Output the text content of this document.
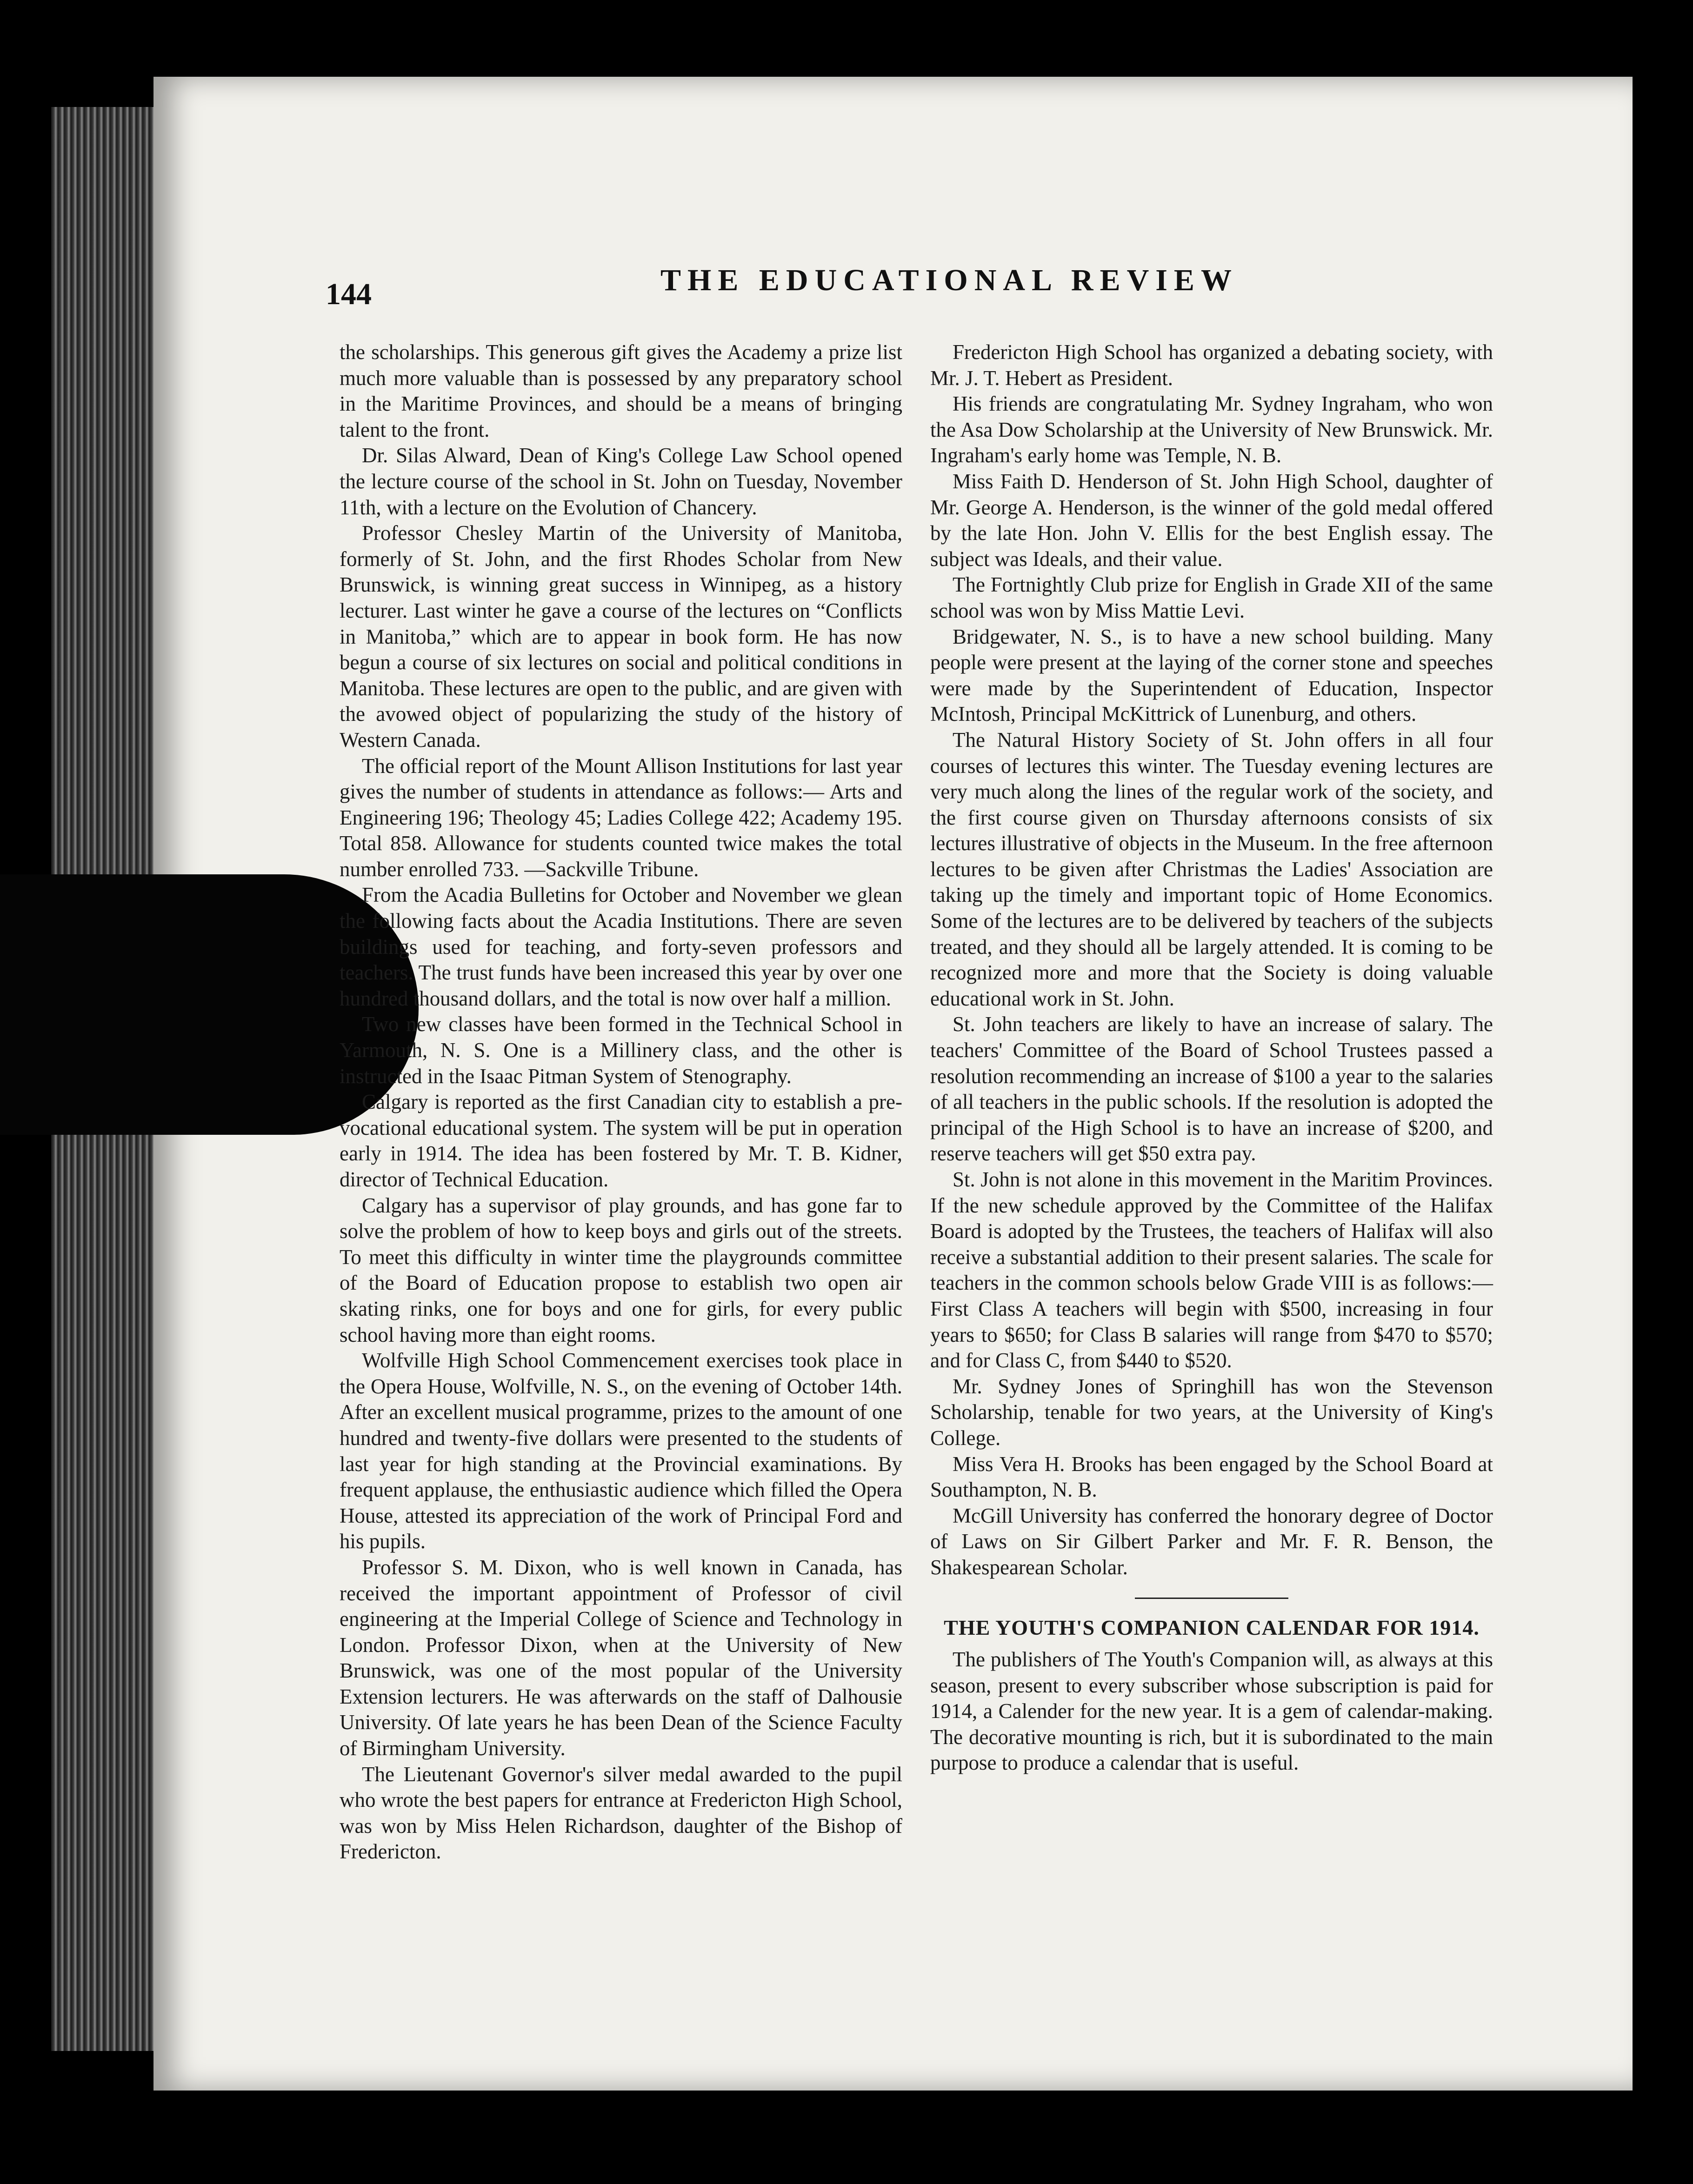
144	THE EDUCATIONAL REVIEW

the scholarships. This generous gift gives the Academy a prize list much more valuable than is possessed by any preparatory school in the Maritime Provinces, and should be a means of bringing talent to the front.

Dr. Silas Alward, Dean of King's College Law School opened the lecture course of the school in St. John on Tuesday, November 11th, with a lecture on the Evolution of Chancery.

Professor Chesley Martin of the University of Manitoba, formerly of St. John, and the first Rhodes Scholar from New Brunswick, is winning great success in Winnipeg, as a history lecturer. Last winter he gave a course of the lectures on “Conflicts in Manitoba,” which are to appear in book form. He has now begun a course of six lectures on social and political conditions in Manitoba. These lectures are open to the public, and are given with the avowed object of popularizing the study of the history of Western Canada.

The official report of the Mount Allison Institutions for last year gives the number of students in attendance as follows:— Arts and Engineering 196; Theology 45; Ladies College 422; Academy 195. Total 858. Allowance for students counted twice makes the total number enrolled 733. —Sackville Tribune.

From the Acadia Bulletins for October and November we glean the following facts about the Acadia Institutions. There are seven buildings used for teaching, and forty-seven professors and teachers. The trust funds have been increased this year by over one hundred thousand dollars, and the total is now over half a million.

Two new classes have been formed in the Technical School in Yarmouth, N. S. One is a Millinery class, and the other is instructed in the Isaac Pitman System of Stenography.

Calgary is reported as the first Canadian city to establish a pre-vocational educational system. The system will be put in operation early in 1914. The idea has been fostered by Mr. T. B. Kidner, director of Technical Education.

Calgary has a supervisor of play grounds, and has gone far to solve the problem of how to keep boys and girls out of the streets. To meet this difficulty in winter time the playgrounds committee of the Board of Education propose to establish two open air skating rinks, one for boys and one for girls, for every public school having more than eight rooms.

Wolfville High School Commencement exercises took place in the Opera House, Wolfville, N. S., on the evening of October 14th. After an excellent musical programme, prizes to the amount of one hundred and twenty-five dollars were presented to the students of last year for high standing at the Provincial examinations. By frequent applause, the enthusiastic audience which filled the Opera House, attested its appreciation of the work of Principal Ford and his pupils.

Professor S. M. Dixon, who is well known in Canada, has received the important appointment of Professor of civil engineering at the Imperial College of Science and Technology in London. Professor Dixon, when at the University of New Brunswick, was one of the most popular of the University Extension lecturers. He was afterwards on the staff of Dalhousie University. Of late years he has been Dean of the Science Faculty of Birmingham University.

The Lieutenant Governor's silver medal awarded to the pupil who wrote the best papers for entrance at Fredericton High School, was won by Miss Helen Richardson, daughter of the Bishop of Fredericton.

Fredericton High School has organized a debating society, with Mr. J. T. Hebert as President.

His friends are congratulating Mr. Sydney Ingraham, who won the Asa Dow Scholarship at the University of New Brunswick. Mr. Ingraham's early home was Temple, N. B.

Miss Faith D. Henderson of St. John High School, daughter of Mr. George A. Henderson, is the winner of the gold medal offered by the late Hon. John V. Ellis for the best English essay. The subject was Ideals, and their value.

The Fortnightly Club prize for English in Grade XII of the same school was won by Miss Mattie Levi.

Bridgewater, N. S., is to have a new school building. Many people were present at the laying of the corner stone and speeches were made by the Superintendent of Education, Inspector McIntosh, Principal McKittrick of Lunenburg, and others.

The Natural History Society of St. John offers in all four courses of lectures this winter. The Tuesday evening lectures are very much along the lines of the regular work of the society, and the first course given on Thursday afternoons consists of six lectures illustrative of objects in the Museum. In the free afternoon lectures to be given after Christmas the Ladies' Association are taking up the timely and important topic of Home Economics. Some of the lectures are to be delivered by teachers of the subjects treated, and they should all be largely attended. It is coming to be recognized more and more that the Society is doing valuable educational work in St. John.

St. John teachers are likely to have an increase of salary. The teachers' Committee of the Board of School Trustees passed a resolution recommending an increase of $100 a year to the salaries of all teachers in the public schools. If the resolution is adopted the principal of the High School is to have an increase of $200, and reserve teachers will get $50 extra pay.

St. John is not alone in this movement in the Maritim Provinces. If the new schedule approved by the Committee of the Halifax Board is adopted by the Trustees, the teachers of Halifax will also receive a substantial addition to their present salaries. The scale for teachers in the common schools below Grade VIII is as follows:—First Class A teachers will begin with $500, increasing in four years to $650; for Class B salaries will range from $470 to $570; and for Class C, from $440 to $520.

Mr. Sydney Jones of Springhill has won the Stevenson Scholarship, tenable for two years, at the University of King's College.

Miss Vera H. Brooks has been engaged by the School Board at Southampton, N. B.

McGill University has conferred the honorary degree of Doctor of Laws on Sir Gilbert Parker and Mr. F. R. Benson, the Shakespearean Scholar.

THE YOUTH'S COMPANION CALENDAR FOR 1914.

The publishers of The Youth's Companion will, as always at this season, present to every subscriber whose subscription is paid for 1914, a Calender for the new year. It is a gem of calendar-making. The decorative mounting is rich, but it is subordinated to the main purpose to produce a calendar that is useful.
